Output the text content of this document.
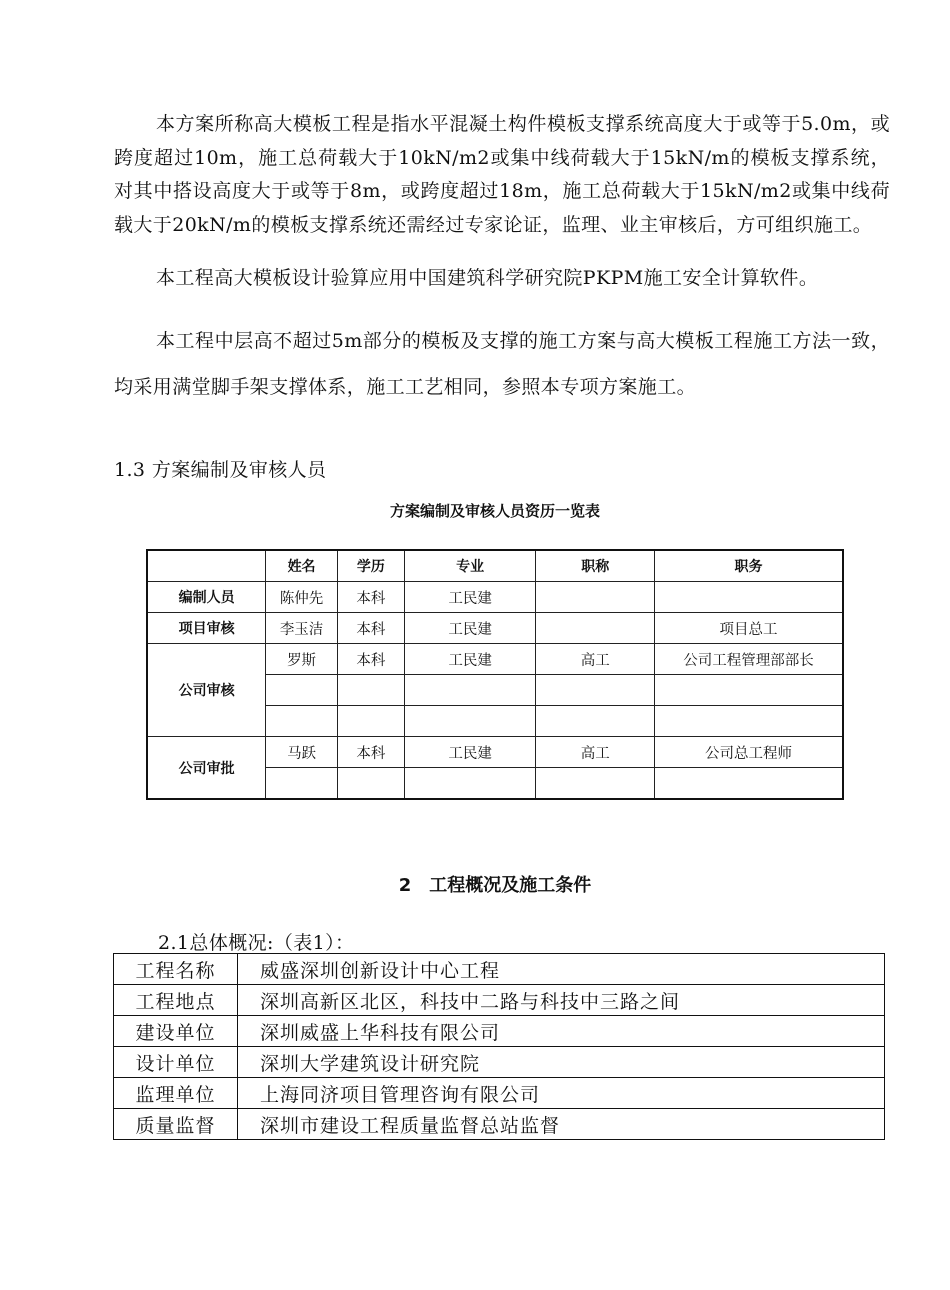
本方案所称高大模板工程是指水平混凝土构件模板支撑系统高度大于或等于5.0m，或跨度超过10m，施工总荷载大于10kN/m2或集中线荷载大于15kN/m的模板支撑系统，对其中搭设高度大于或等于8m，或跨度超过18m，施工总荷载大于15kN/m2或集中线荷载大于20kN/m的模板支撑系统还需经过专家论证，监理、业主审核后，方可组织施工。

本工程高大模板设计验算应用中国建筑科学研究院PKPM施工安全计算软件。

本工程中层高不超过5m部分的模板及支撑的施工方案与高大模板工程施工方法一致，均采用满堂脚手架支撑体系，施工工艺相同，参照本专项方案施工。

1.3 方案编制及审核人员
方案编制及审核人员资历一览表
	姓名	学历	专业	职称	职务
编制人员	陈仲先	本科	工民建		
项目审核	李玉洁	本科	工民建		项目总工
公司审核	罗斯	本科	工民建	高工	公司工程管理部部长

公司审批	马跃	本科	工民建	高工	公司总工程师

2 工程概况及施工条件
2.1总体概况:（表1）：
工程名称	威盛深圳创新设计中心工程
工程地点	深圳高新区北区，科技中二路与科技中三路之间
建设单位	深圳威盛上华科技有限公司
设计单位	深圳大学建筑设计研究院
监理单位	上海同济项目管理咨询有限公司
质量监督	深圳市建设工程质量监督总站监督
